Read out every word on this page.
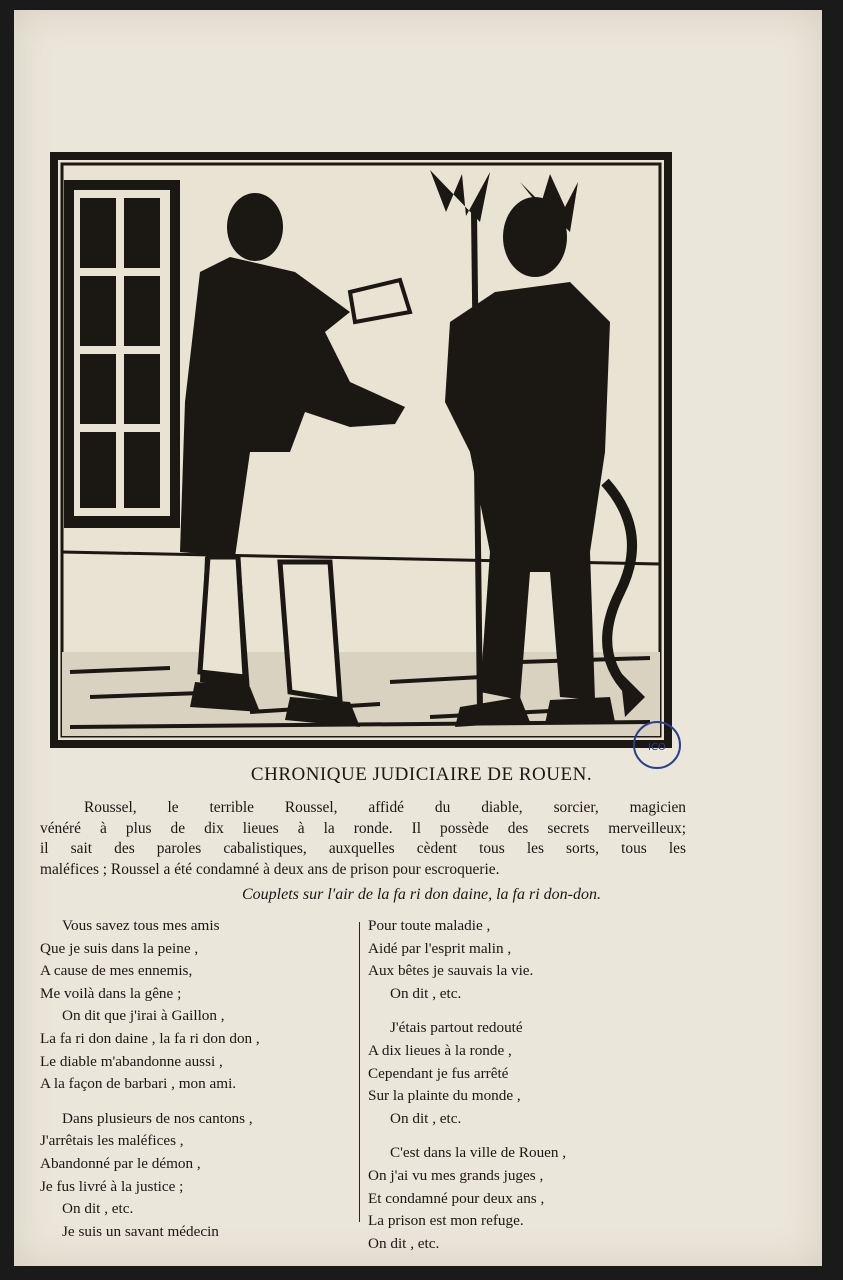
ICO
CHRONIQUE JUDICIAIRE DE ROUEN.
Roussel, le terrible Roussel, affidé du diable, sorcier, magicien
vénéré à plus de dix lieues à la ronde. Il possède des secrets merveilleux;
il sait des paroles cabalistiques, auxquelles cèdent tous les sorts, tous les
maléfices ; Roussel a été condamné à deux ans de prison pour escroquerie.
Couplets sur l'air de la fa ri don daine, la fa ri don-don.
Vous savez tous mes amis
Que je suis dans la peine ,
A cause de mes ennemis,
Me voilà dans la gêne ;
On dit que j'irai à Gaillon ,
La fa ri don daine , la fa ri don don ,
Le diable m'abandonne aussi ,
A la façon de barbari , mon ami.
Dans plusieurs de nos cantons ,
J'arrêtais les maléfices ,
Abandonné par le démon ,
Je fus livré à la justice ;
On dit , etc.
Je suis un savant médecin
Pour toute maladie ,
Aidé par l'esprit malin ,
Aux bêtes je sauvais la vie.
On dit , etc.
J'étais partout redouté
A dix lieues à la ronde ,
Cependant je fus arrêté
Sur la plainte du monde ,
On dit , etc.
C'est dans la ville de Rouen ,
On j'ai vu mes grands juges ,
Et condamné pour deux ans ,
La prison est mon refuge.
On dit , etc.
